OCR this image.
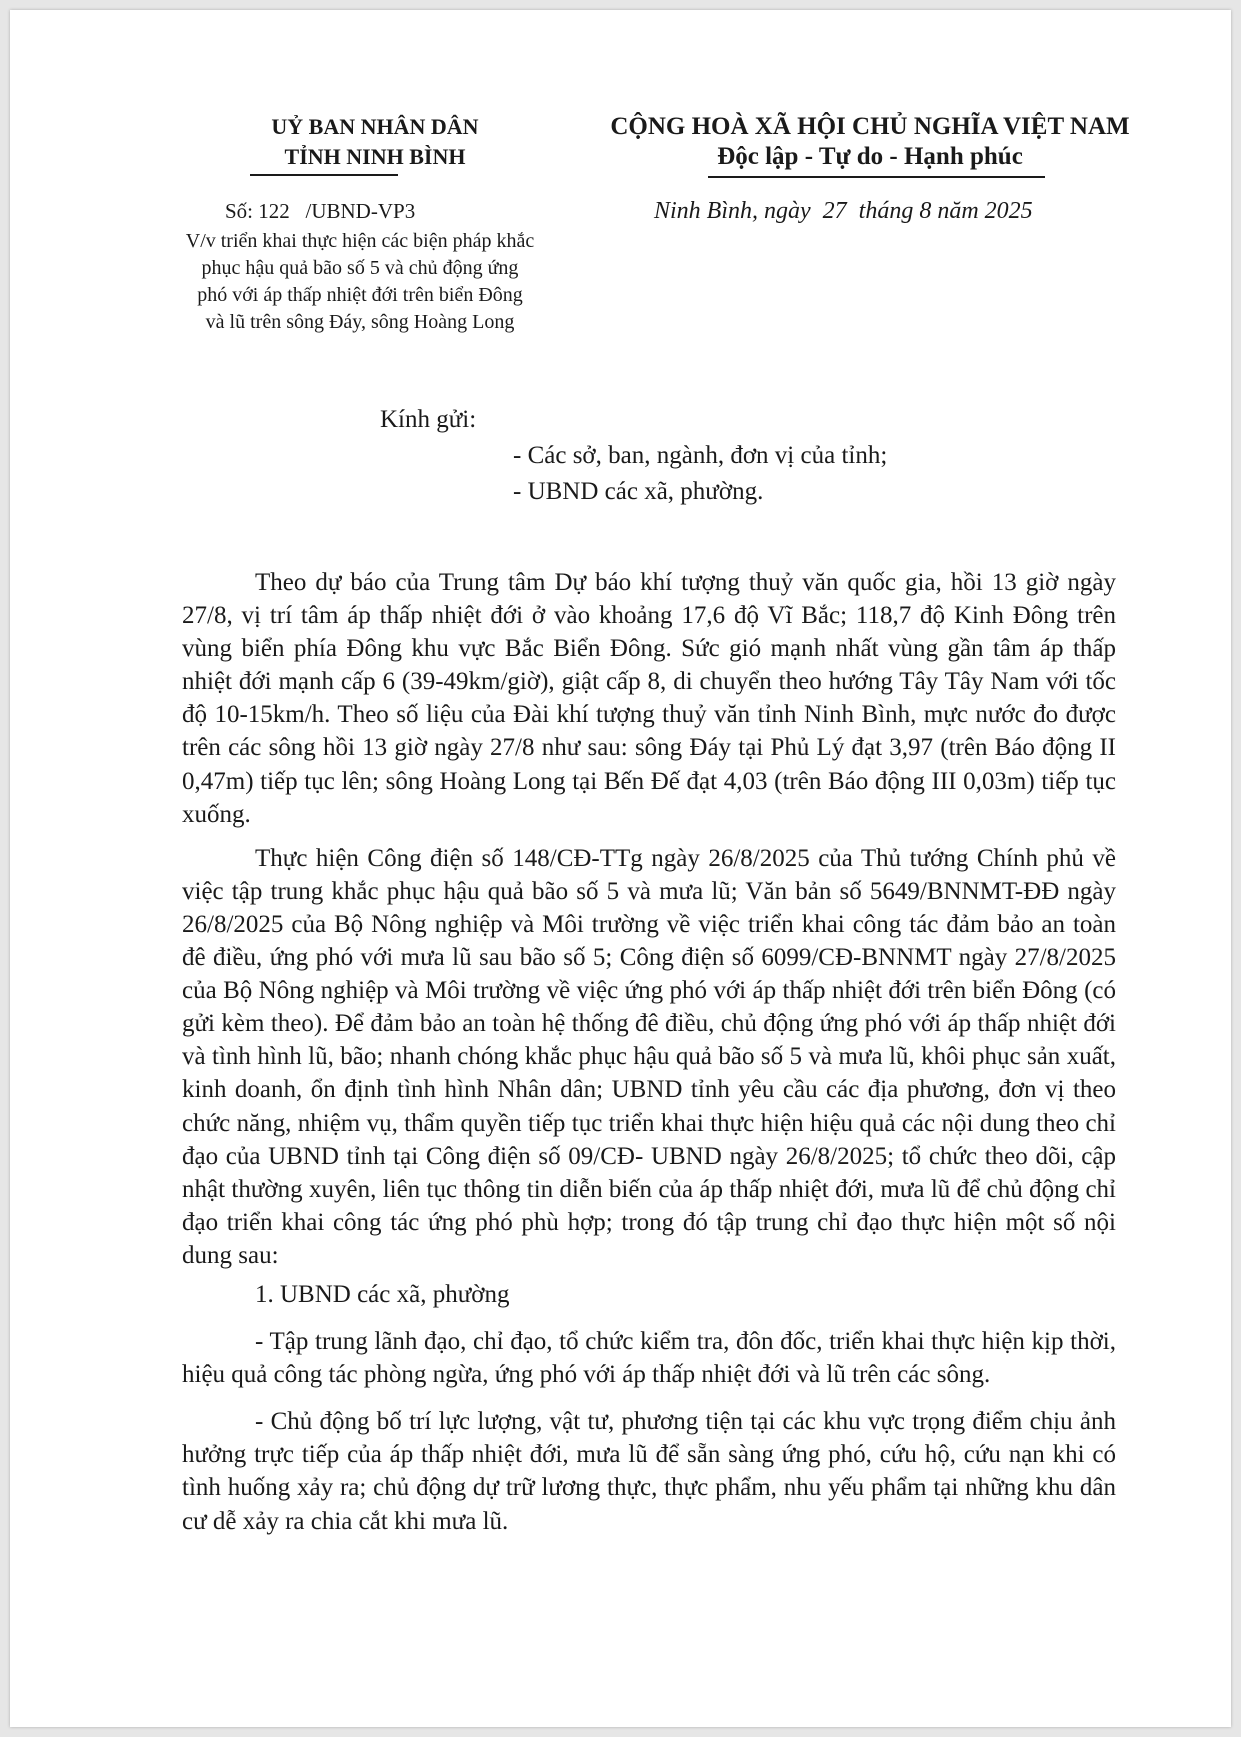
UỶ BAN NHÂN DÂN
TỈNH NINH BÌNH
CỘNG HOÀ XÃ HỘI CHỦ NGHĨA VIỆT NAM
Độc lập - Tự do - Hạnh phúc
Số: 122   /UBND-VP3
V/v triển khai thực hiện các biện pháp khắc
phục hậu quả bão số 5 và chủ động ứng
phó với áp thấp nhiệt đới trên biển Đông
và lũ trên sông Đáy, sông Hoàng Long
Ninh Bình, ngày  27  tháng 8 năm 2025
Kính gửi:
- Các sở, ban, ngành, đơn vị của tỉnh;
- UBND các xã, phường.

Theo dự báo của Trung tâm Dự báo khí tượng thuỷ văn quốc gia, hồi 13 giờ ngày 27/8, vị trí tâm áp thấp nhiệt đới ở vào khoảng 17,6 độ Vĩ Bắc; 118,7 độ Kinh Đông trên vùng biển phía Đông khu vực Bắc Biển Đông. Sức gió mạnh nhất vùng gần tâm áp thấp nhiệt đới mạnh cấp 6 (39-49km/giờ), giật cấp 8, di chuyển theo hướng Tây Tây Nam với tốc độ 10-15km/h. Theo số liệu của Đài khí tượng thuỷ văn tỉnh Ninh Bình, mực nước đo được trên các sông hồi 13 giờ ngày 27/8 như sau: sông Đáy tại Phủ Lý đạt 3,97 (trên Báo động II 0,47m) tiếp tục lên; sông Hoàng Long tại Bến Đế đạt 4,03 (trên Báo động III 0,03m) tiếp tục xuống.

Thực hiện Công điện số 148/CĐ-TTg ngày 26/8/2025 của Thủ tướng Chính phủ về việc tập trung khắc phục hậu quả bão số 5 và mưa lũ; Văn bản số 5649/BNNMT-ĐĐ ngày 26/8/2025 của Bộ Nông nghiệp và Môi trường về việc triển khai công tác đảm bảo an toàn đê điều, ứng phó với mưa lũ sau bão số 5; Công điện số 6099/CĐ-BNNMT ngày 27/8/2025 của Bộ Nông nghiệp và Môi trường về việc ứng phó với áp thấp nhiệt đới trên biển Đông (có gửi kèm theo). Để đảm bảo an toàn hệ thống đê điều, chủ động ứng phó với áp thấp nhiệt đới và tình hình lũ, bão; nhanh chóng khắc phục hậu quả bão số 5 và mưa lũ, khôi phục sản xuất, kinh doanh, ổn định tình hình Nhân dân; UBND tỉnh yêu cầu các địa phương, đơn vị theo chức năng, nhiệm vụ, thẩm quyền tiếp tục triển khai thực hiện hiệu quả các nội dung theo chỉ đạo của UBND tỉnh tại Công điện số 09/CĐ- UBND ngày 26/8/2025; tổ chức theo dõi, cập nhật thường xuyên, liên tục thông tin diễn biến của áp thấp nhiệt đới, mưa lũ để chủ động chỉ đạo triển khai công tác ứng phó phù hợp; trong đó tập trung chỉ đạo thực hiện một số nội dung sau:

1. UBND các xã, phường

- Tập trung lãnh đạo, chỉ đạo, tổ chức kiểm tra, đôn đốc, triển khai thực hiện kịp thời, hiệu quả công tác phòng ngừa, ứng phó với áp thấp nhiệt đới và lũ trên các sông.

- Chủ động bố trí lực lượng, vật tư, phương tiện tại các khu vực trọng điểm chịu ảnh hưởng trực tiếp của áp thấp nhiệt đới, mưa lũ để sẵn sàng ứng phó, cứu hộ, cứu nạn khi có tình huống xảy ra; chủ động dự trữ lương thực, thực phẩm, nhu yếu phẩm tại những khu dân cư dễ xảy ra chia cắt khi mưa lũ.
